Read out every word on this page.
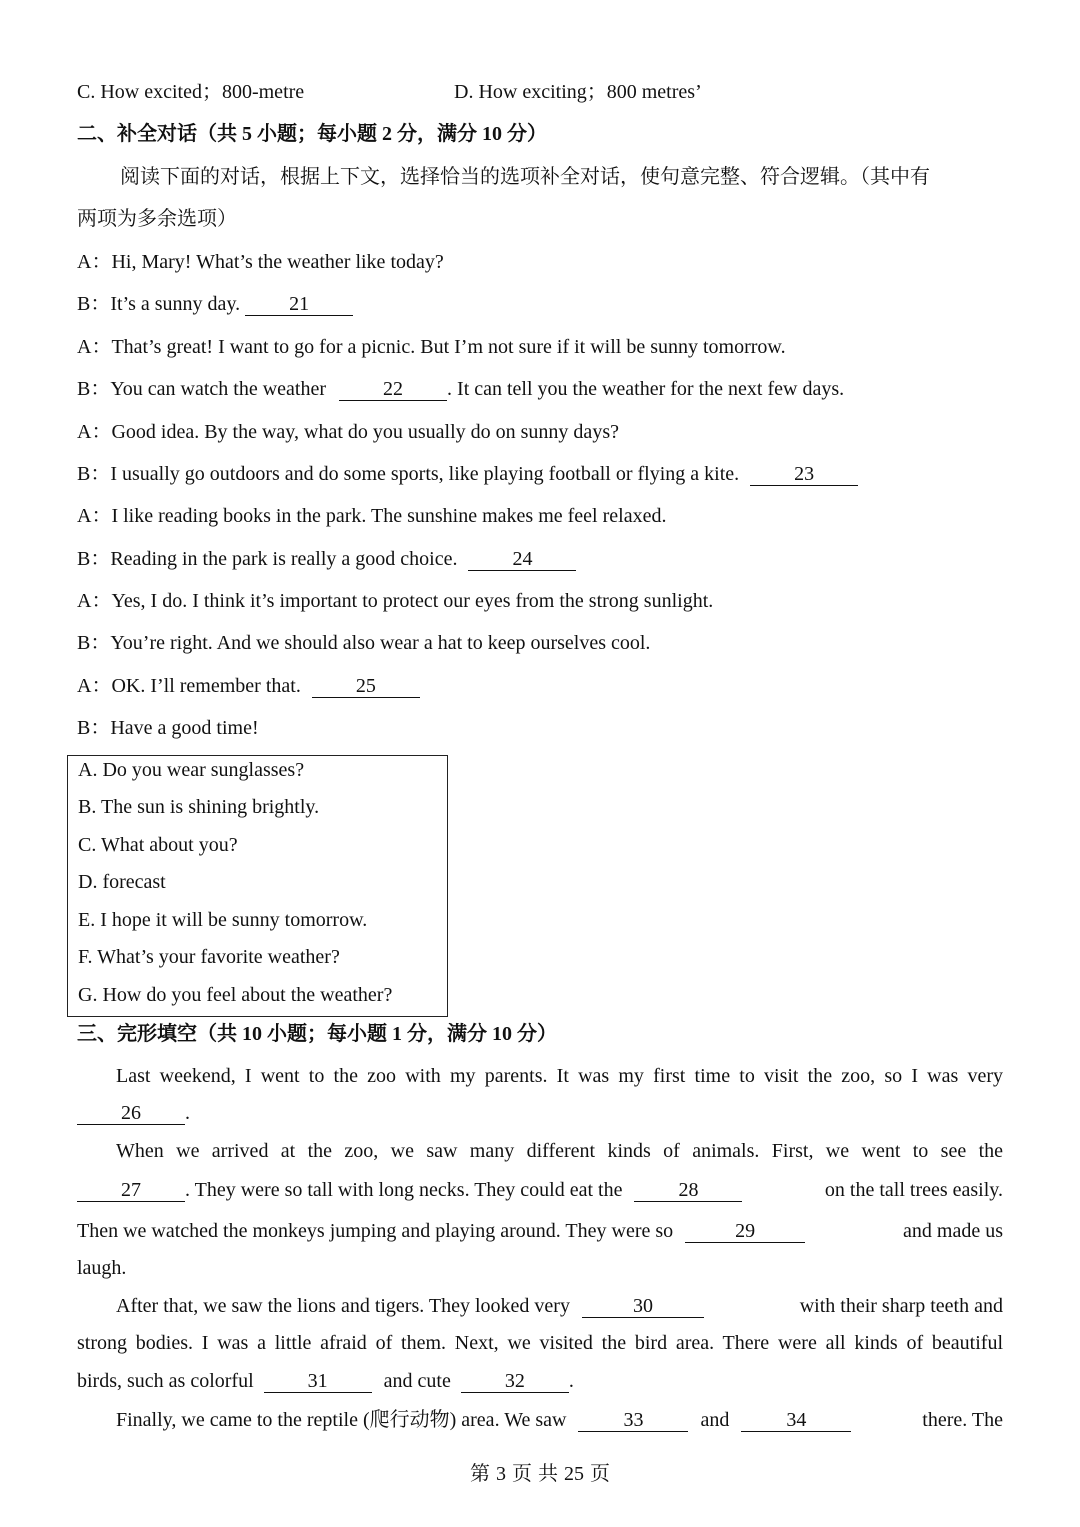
C. How excited；800-metre	D. How exciting；800 metres’
二、补全对话（共 5 小题；每小题 2 分，满分 10 分）
阅读下面的对话，根据上下文，选择恰当的选项补全对话，使句意完整、符合逻辑。（其中有
两项为多余选项）
A：Hi, Mary! What’s the weather like today?
B：It’s a sunny day. 21
A：That’s great! I want to go for a picnic. But I’m not sure if it will be sunny tomorrow.
B：You can watch the weather	22 . It can tell you the weather for the next few days.
A：Good idea. By the way, what do you usually do on sunny days?
B：I usually go outdoors and do some sports, like playing football or flying a kite.	23
A：I like reading books in the park. The sunshine makes me feel relaxed.
B：Reading in the park is really a good choice.	24
A：Yes, I do. I think it’s important to protect our eyes from the strong sunlight.
B：You’re right. And we should also wear a hat to keep ourselves cool.
A：OK. I’ll remember that.	25
B：Have a good time!
A. Do you wear sunglasses?
B. The sun is shining brightly.
C. What about you?
D. forecast
E. I hope it will be sunny tomorrow.
F. What’s your favorite weather?
G. How do you feel about the weather?
三、完形填空（共 10 小题；每小题 1 分，满分 10 分）
Last weekend, I went to the zoo with my parents. It was my first time to visit the zoo, so I was very
26 .
When we arrived at the zoo, we saw many different kinds of animals. First, we went to see the
27 . They were so tall with long necks. They could eat the	28	on the tall trees easily.
Then we watched the monkeys jumping and playing around. They were so	29	and made us
laugh.
After that, we saw the lions and tigers. They looked very	30	with their sharp teeth and
strong bodies. I was a little afraid of them. Next, we visited the bird area. There were all kinds of beautiful
birds, such as colorful	31	and cute	32 .
Finally, we came to the reptile (爬行动物) area. We saw	33	and	34	there. The
第 3 页 共 25 页
